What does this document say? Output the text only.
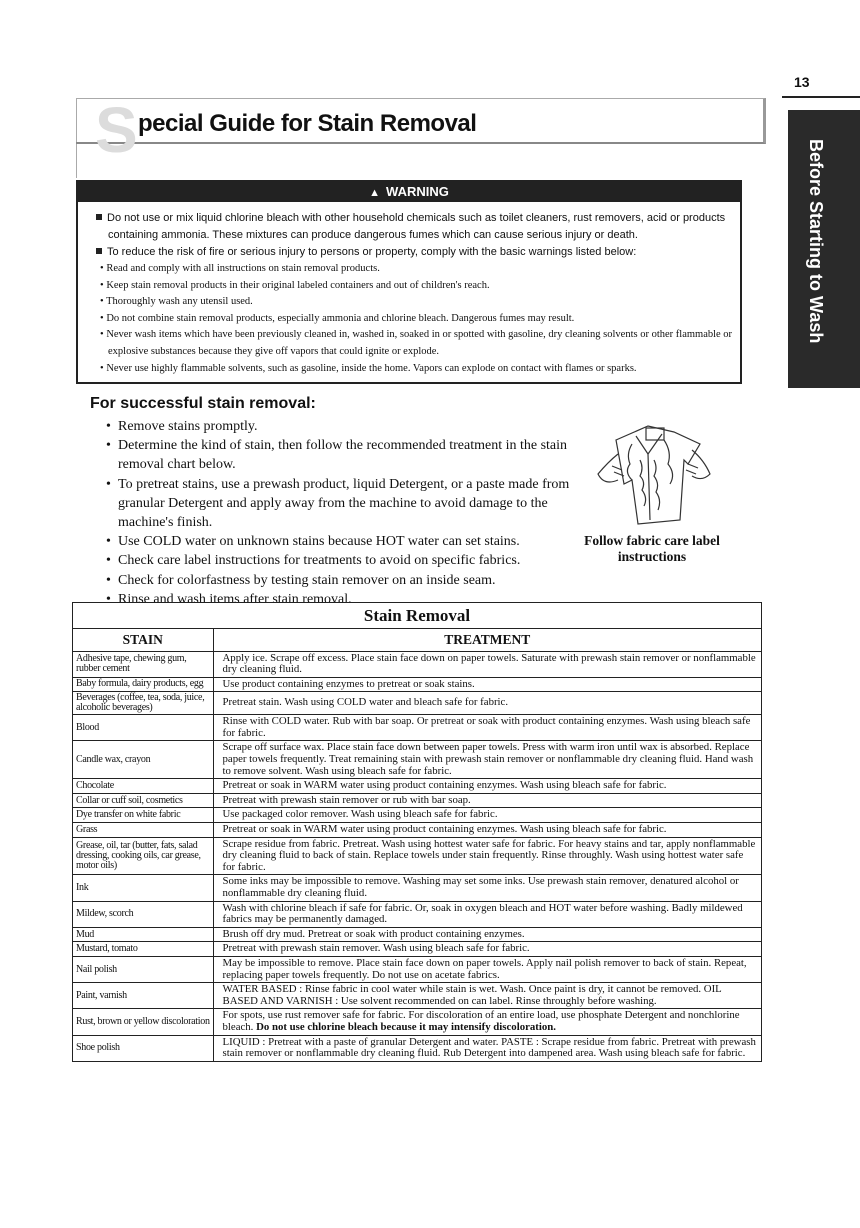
13
Before Starting to Wash
S pecial Guide for Stain Removal
▲ WARNING
Do not use or mix liquid chlorine bleach with other household chemicals such as toilet cleaners, rust removers, acid or products containing ammonia. These mixtures can produce dangerous fumes which can cause serious injury or death.
To reduce the risk of fire or serious injury to persons or property, comply with the basic warnings listed below:
• Read and comply with all instructions on stain removal products.
• Keep stain removal products in their original labeled containers and out of children's reach.
• Thoroughly wash any utensil used.
• Do not combine stain removal products, especially ammonia and chlorine bleach. Dangerous fumes may result.
• Never wash items which have been previously cleaned in, washed in, soaked in or spotted with gasoline, dry cleaning solvents or other flammable or explosive substances because they give off vapors that could ignite or explode.
• Never use highly flammable solvents, such as gasoline, inside the home. Vapors can explode on contact with flames or sparks.
For successful stain removal:
• Remove stains promptly.
• Determine the kind of stain, then follow the recommended treatment in the stain removal chart below.
• To pretreat stains, use a prewash product, liquid Detergent, or a paste made from granular Detergent and apply away from the machine to avoid damage to the machine's finish.
• Use COLD water on unknown stains because HOT water can set stains.
• Check care label instructions for treatments to avoid on specific fabrics.
• Check for colorfastness by testing stain remover on an inside seam.
• Rinse and wash items after stain removal.
Follow fabric care label instructions
Stain Removal
STAIN	TREATMENT
Adhesive tape, chewing gum, rubber cement	Apply ice. Scrape off excess. Place stain face down on paper towels. Saturate with prewash stain remover or nonflammable dry cleaning fluid.
Baby formula, dairy products, egg	Use product containing enzymes to pretreat or soak stains.
Beverages (coffee, tea, soda, juice, alcoholic beverages)	Pretreat stain. Wash using COLD water and bleach safe for fabric.
Blood	Rinse with COLD water. Rub with bar soap. Or pretreat or soak with product containing enzymes. Wash using bleach safe for fabric.
Candle wax, crayon	Scrape off surface wax. Place stain face down between paper towels. Press with warm iron until wax is absorbed. Replace paper towels frequently. Treat remaining stain with prewash stain remover or nonflammable dry cleaning fluid. Hand wash to remove solvent. Wash using bleach safe for fabric.
Chocolate	Pretreat or soak in WARM water using product containing enzymes. Wash using bleach safe for fabric.
Collar or cuff soil, cosmetics	Pretreat with prewash stain remover or rub with bar soap.
Dye transfer on white fabric	Use packaged color remover. Wash using bleach safe for fabric.
Grass	Pretreat or soak in WARM water using product containing enzymes. Wash using bleach safe for fabric.
Grease, oil, tar (butter, fats, salad dressing, cooking oils, car grease, motor oils)	Scrape residue from fabric. Pretreat. Wash using hottest water safe for fabric. For heavy stains and tar, apply nonflammable dry cleaning fluid to back of stain. Replace towels under stain frequently. Rinse throughly. Wash using hottest water safe for fabric.
Ink	Some inks may be impossible to remove. Washing may set some inks. Use prewash stain remover, denatured alcohol or nonflammable dry cleaning fluid.
Mildew, scorch	Wash with chlorine bleach if safe for fabric. Or, soak in oxygen bleach and HOT water before washing. Badly mildewed fabrics may be permanently damaged.
Mud	Brush off dry mud. Pretreat or soak with product containing enzymes.
Mustard, tomato	Pretreat with prewash stain remover. Wash using bleach safe for fabric.
Nail polish	May be impossible to remove. Place stain face down on paper towels. Apply nail polish remover to back of stain. Repeat, replacing paper towels frequently. Do not use on acetate fabrics.
Paint, varnish	WATER BASED : Rinse fabric in cool water while stain is wet. Wash. Once paint is dry, it cannot be removed. OIL BASED AND VARNISH : Use solvent recommended on can label. Rinse throughly before washing.
Rust, brown or yellow discoloration	For spots, use rust remover safe for fabric. For discoloration of an entire load, use phosphate Detergent and nonchlorine bleach. Do not use chlorine bleach because it may intensify discoloration.
Shoe polish	LIQUID : Pretreat with a paste of granular Detergent and water. PASTE : Scrape residue from fabric. Pretreat with prewash stain remover or nonflammable dry cleaning fluid. Rub Detergent into dampened area. Wash using bleach safe for fabric.
